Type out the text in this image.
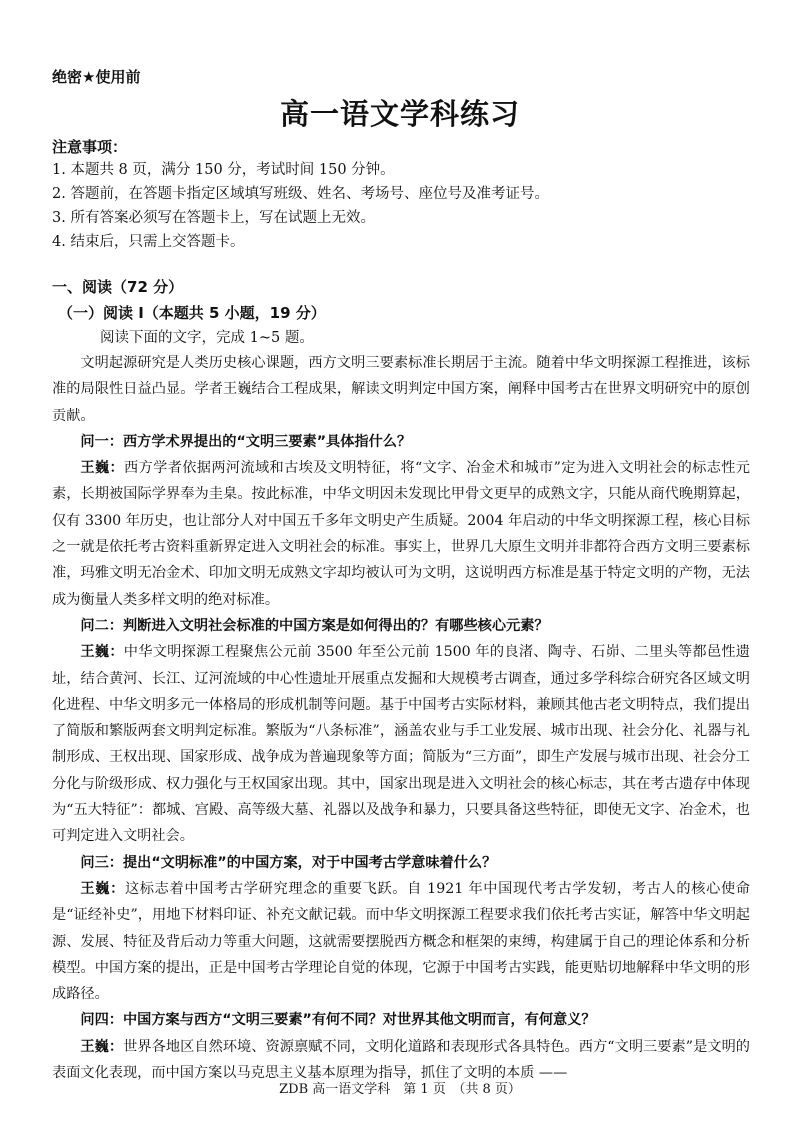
绝密★使用前
高一语文学科练习
注意事项：
1. 本题共 8 页，满分 150 分，考试时间 150 分钟。
2. 答题前，在答题卡指定区域填写班级、姓名、考场号、座位号及准考证号。
3. 所有答案必须写在答题卡上，写在试题上无效。
4. 结束后，只需上交答题卡。
一、阅读（72 分）
（一）阅读 I（本题共 5 小题，19 分）
阅读下面的文字，完成 1~5 题。

文明起源研究是人类历史核心课题，西方文明三要素标准长期居于主流。随着中华文明探源工程推进，该标准的局限性日益凸显。学者王巍结合工程成果，解读文明判定中国方案，阐释中国考古在世界文明研究中的原创贡献。

问一：西方学术界提出的“文明三要素”具体指什么？

王巍：西方学者依据两河流域和古埃及文明特征，将“文字、冶金术和城市”定为进入文明社会的标志性元素，长期被国际学界奉为圭臬。按此标准，中华文明因未发现比甲骨文更早的成熟文字，只能从商代晚期算起，仅有 3300 年历史，也让部分人对中国五千多年文明史产生质疑。2004 年启动的中华文明探源工程，核心目标之一就是依托考古资料重新界定进入文明社会的标准。事实上，世界几大原生文明并非都符合西方文明三要素标准，玛雅文明无冶金术、印加文明无成熟文字却均被认可为文明，这说明西方标准是基于特定文明的产物，无法成为衡量人类多样文明的绝对标准。

问二：判断进入文明社会标准的中国方案是如何得出的？有哪些核心元素？

王巍：中华文明探源工程聚焦公元前 3500 年至公元前 1500 年的良渚、陶寺、石峁、二里头等都邑性遗址，结合黄河、长江、辽河流域的中心性遗址开展重点发掘和大规模考古调查，通过多学科综合研究各区域文明化进程、中华文明多元一体格局的形成机制等问题。基于中国考古实际材料，兼顾其他古老文明特点，我们提出了简版和繁版两套文明判定标准。繁版为“八条标准”，涵盖农业与手工业发展、城市出现、社会分化、礼器与礼制形成、王权出现、国家形成、战争成为普遍现象等方面；简版为“三方面”，即生产发展与城市出现、社会分工分化与阶级形成、权力强化与王权国家出现。其中，国家出现是进入文明社会的核心标志，其在考古遗存中体现为“五大特征”：都城、宫殿、高等级大墓、礼器以及战争和暴力，只要具备这些特征，即使无文字、冶金术，也可判定进入文明社会。

问三：提出“文明标准”的中国方案，对于中国考古学意味着什么？

王巍：这标志着中国考古学研究理念的重要飞跃。自 1921 年中国现代考古学发轫，考古人的核心使命是“证经补史”，用地下材料印证、补充文献记载。而中华文明探源工程要求我们依托考古实证，解答中华文明起源、发展、特征及背后动力等重大问题，这就需要摆脱西方概念和框架的束缚，构建属于自己的理论体系和分析模型。中国方案的提出，正是中国考古学理论自觉的体现，它源于中国考古实践，能更贴切地解释中华文明的形成路径。

问四：中国方案与西方“文明三要素”有何不同？对世界其他文明而言，有何意义？

王巍：世界各地区自然环境、资源禀赋不同，文明化道路和表现形式各具特色。西方“文明三要素”是文明的表面文化表现，而中国方案以马克思主义基本原理为指导，抓住了文明的本质 ——

ZDB 高一语文学科　第 1 页　（共 8 页）
